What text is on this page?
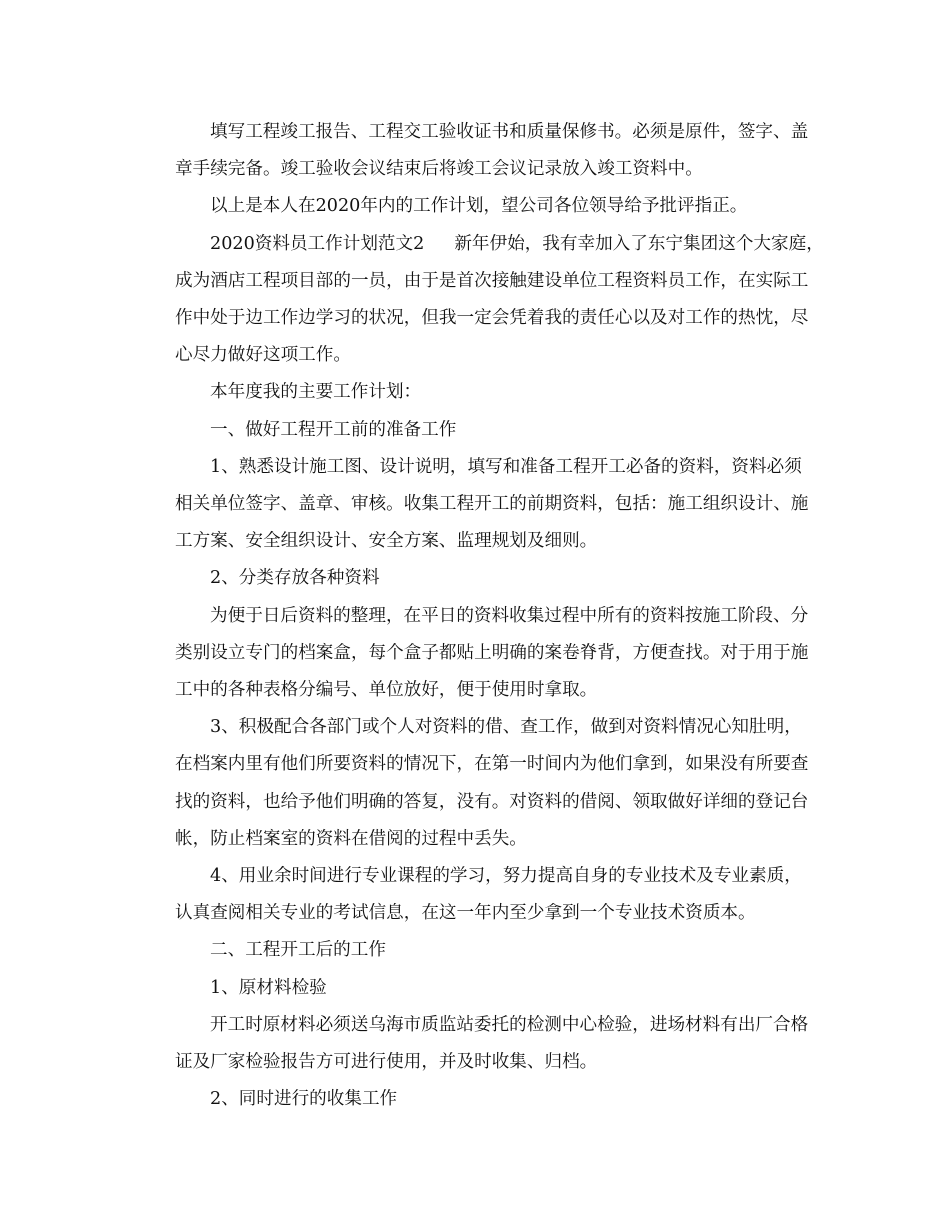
填写工程竣工报告、工程交工验收证书和质量保修书。必须是原件，签字、盖
章手续完备。竣工验收会议结束后将竣工会议记录放入竣工资料中。
以上是本人在2020年内的工作计划，望公司各位领导给予批评指正。
2020资料员工作计划范文2 新年伊始，我有幸加入了东宁集团这个大家庭，
成为酒店工程项目部的一员，由于是首次接触建设单位工程资料员工作，在实际工
作中处于边工作边学习的状况，但我一定会凭着我的责任心以及对工作的热忱，尽
心尽力做好这项工作。
本年度我的主要工作计划：
一、做好工程开工前的准备工作
1、熟悉设计施工图、设计说明，填写和准备工程开工必备的资料，资料必须
相关单位签字、盖章、审核。收集工程开工的前期资料，包括：施工组织设计、施
工方案、安全组织设计、安全方案、监理规划及细则。
2、分类存放各种资料
为便于日后资料的整理，在平日的资料收集过程中所有的资料按施工阶段、分
类别设立专门的档案盒，每个盒子都贴上明确的案卷脊背，方便查找。对于用于施
工中的各种表格分编号、单位放好，便于使用时拿取。
3、积极配合各部门或个人对资料的借、查工作，做到对资料情况心知肚明，
在档案内里有他们所要资料的情况下，在第一时间内为他们拿到，如果没有所要查
找的资料，也给予他们明确的答复，没有。对资料的借阅、领取做好详细的登记台
帐，防止档案室的资料在借阅的过程中丢失。
4、用业余时间进行专业课程的学习，努力提高自身的专业技术及专业素质，
认真查阅相关专业的考试信息，在这一年内至少拿到一个专业技术资质本。
二、工程开工后的工作
1、原材料检验
开工时原材料必须送乌海市质监站委托的检测中心检验，进场材料有出厂合格
证及厂家检验报告方可进行使用，并及时收集、归档。
2、同时进行的收集工作
